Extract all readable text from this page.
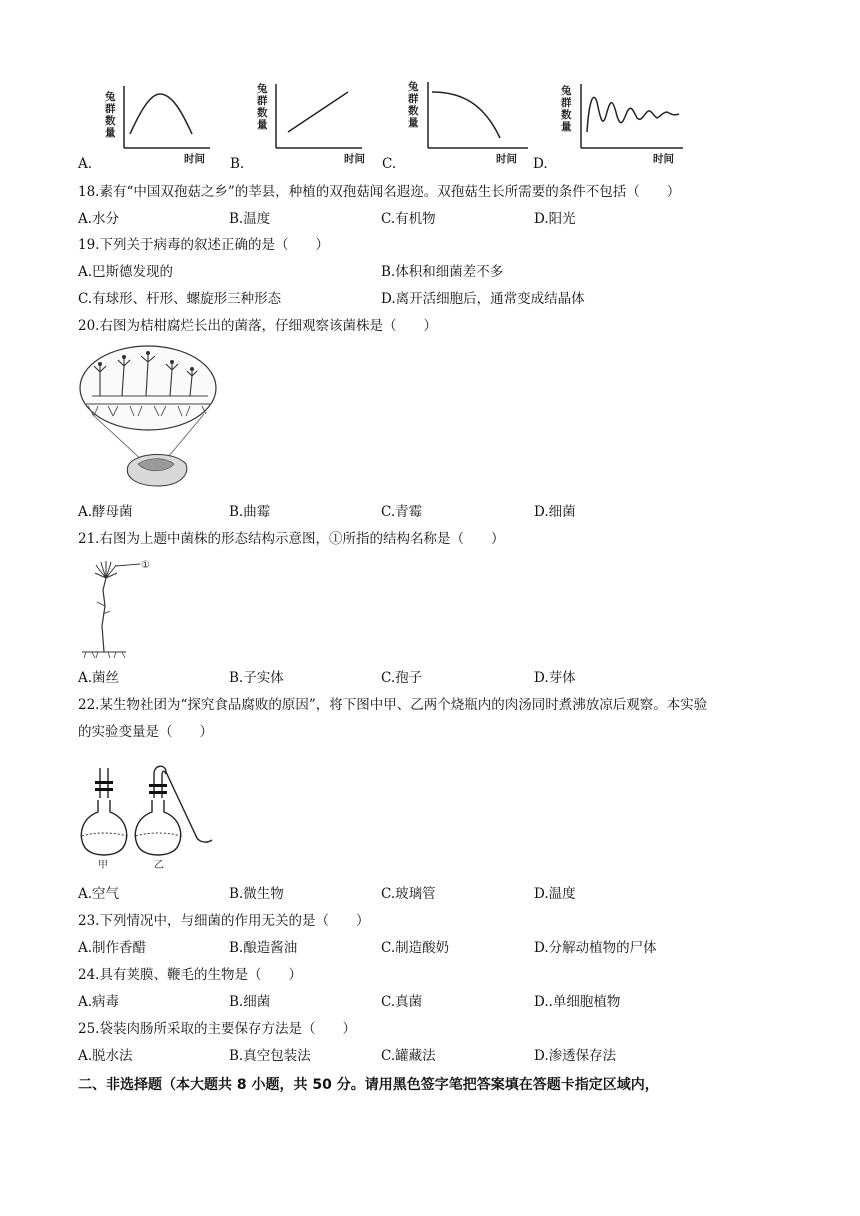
兔
群
数
量
时间
A.
兔
群
数
量
时间
B.
兔
群
数
量
时间
C.
兔
群
数
量
时间
D.
18.素有“中国双孢菇之乡”的莘县，种植的双孢菇闻名遐迩。双孢菇生长所需要的条件不包括（　　）
A.水分	B.温度	C.有机物	D.阳光
19.下列关于病毒的叙述正确的是（　　）
A.巴斯德发现的	B.体积和细菌差不多
C.有球形、杆形、螺旋形三种形态	D.离开活细胞后，通常变成结晶体
20.右图为桔柑腐烂长出的菌落，仔细观察该菌株是（　　）
A.酵母菌	B.曲霉	C.青霉	D.细菌
21.右图为上题中菌株的形态结构示意图，①所指的结构名称是（　　）
①
A.菌丝	B.子实体	C.孢子	D.芽体
22.某生物社团为“探究食品腐败的原因”，将下图中甲、乙两个烧瓶内的肉汤同时煮沸放凉后观察。本实验
的实验变量是（　　）
甲	乙
A.空气	B.微生物	C.玻璃管	D.温度
23.下列情况中，与细菌的作用无关的是（　　）
A.制作香醋	B.酿造酱油	C.制造酸奶	D.分解动植物的尸体
24.具有荚膜、鞭毛的生物是（　　）
A.病毒	B.细菌	C.真菌	D..单细胞植物
25.袋装肉肠所采取的主要保存方法是（　　）
A.脱水法	B.真空包装法	C.罐藏法	D.渗透保存法
二、非选择题（本大题共 8 小题，共 50 分。请用黑色签字笔把答案填在答题卡指定区域内，
